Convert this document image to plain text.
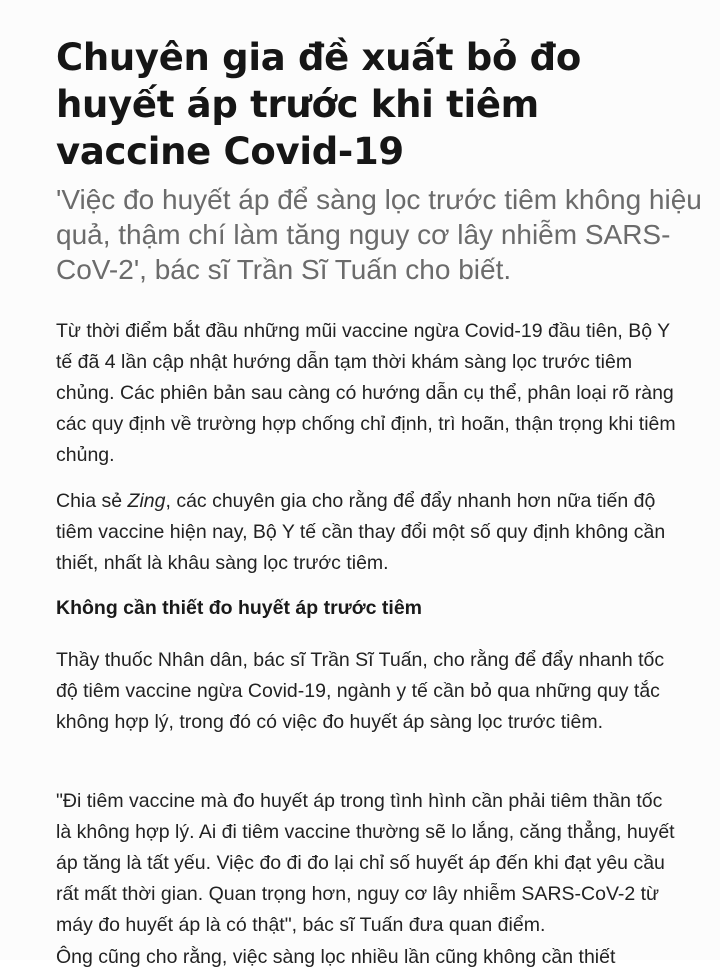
Chuyên gia đề xuất bỏ đo huyết áp trước khi tiêm vaccine Covid-19

'Việc đo huyết áp để sàng lọc trước tiêm không hiệu quả, thậm chí làm tăng nguy cơ lây nhiễm SARS-CoV-2', bác sĩ Trần Sĩ Tuấn cho biết.

Từ thời điểm bắt đầu những mũi vaccine ngừa Covid-19 đầu tiên, Bộ Y tế đã 4 lần cập nhật hướng dẫn tạm thời khám sàng lọc trước tiêm chủng. Các phiên bản sau càng có hướng dẫn cụ thể, phân loại rõ ràng các quy định về trường hợp chống chỉ định, trì hoãn, thận trọng khi tiêm chủng.

Chia sẻ Zing, các chuyên gia cho rằng để đẩy nhanh hơn nữa tiến độ tiêm vaccine hiện nay, Bộ Y tế cần thay đổi một số quy định không cần thiết, nhất là khâu sàng lọc trước tiêm.

Không cần thiết đo huyết áp trước tiêm

Thầy thuốc Nhân dân, bác sĩ Trần Sĩ Tuấn, cho rằng để đẩy nhanh tốc độ tiêm vaccine ngừa Covid-19, ngành y tế cần bỏ qua những quy tắc không hợp lý, trong đó có việc đo huyết áp sàng lọc trước tiêm.

"Đi tiêm vaccine mà đo huyết áp trong tình hình cần phải tiêm thần tốc là không hợp lý. Ai đi tiêm vaccine thường sẽ lo lắng, căng thẳng, huyết áp tăng là tất yếu. Việc đo đi đo lại chỉ số huyết áp đến khi đạt yêu cầu rất mất thời gian. Quan trọng hơn, nguy cơ lây nhiễm SARS-CoV-2 từ máy đo huyết áp là có thật", bác sĩ Tuấn đưa quan điểm.

Ông cũng cho rằng, việc sàng lọc nhiều lần cũng không cần thiết
